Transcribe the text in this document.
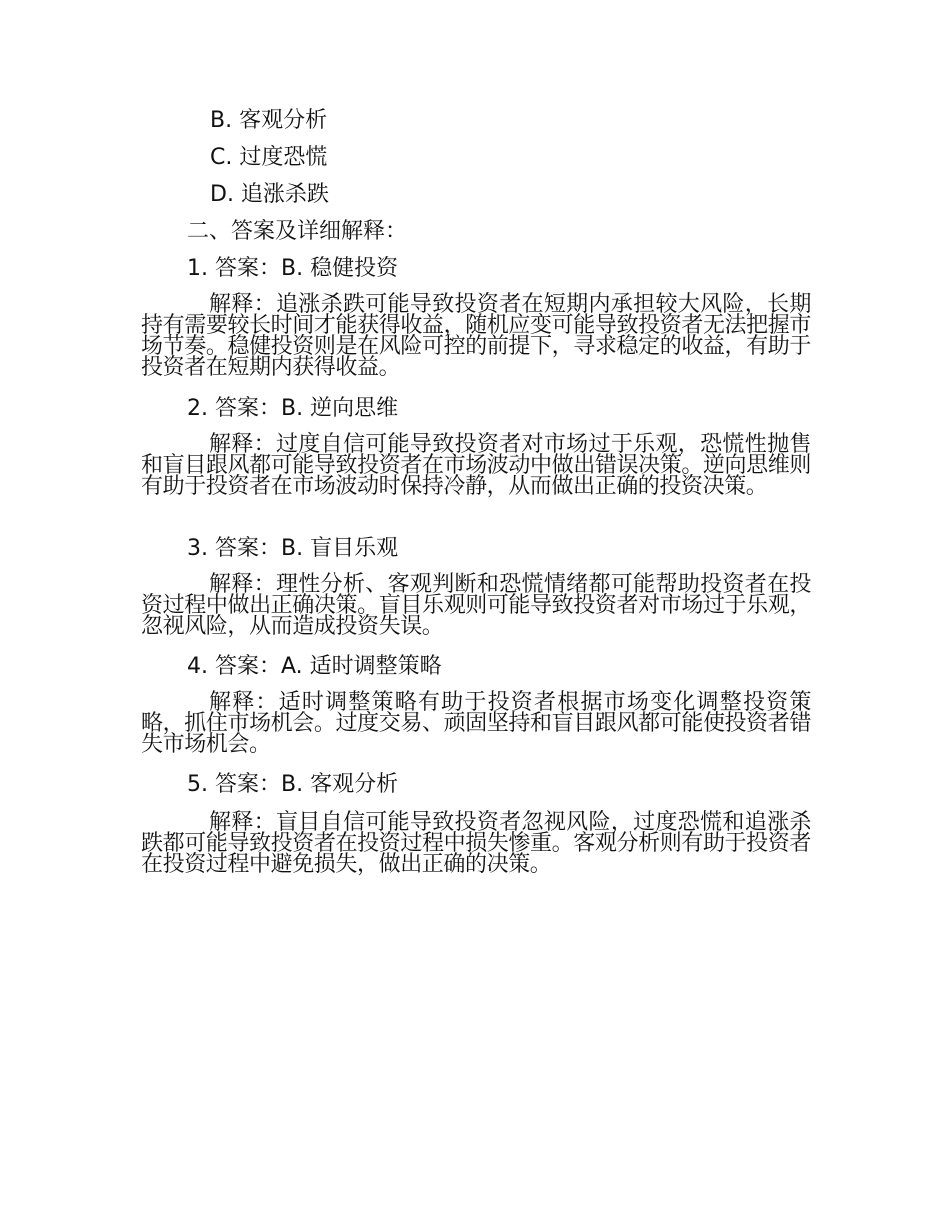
B. 客观分析
C. 过度恐慌
D. 追涨杀跌
二、答案及详细解释：
1. 答案：B. 稳健投资
解释：追涨杀跌可能导致投资者在短期内承担较大风险，长期持有需要较长时间才能获得收益，随机应变可能导致投资者无法把握市场节奏。稳健投资则是在风险可控的前提下，寻求稳定的收益，有助于投资者在短期内获得收益。
2. 答案：B. 逆向思维
解释：过度自信可能导致投资者对市场过于乐观，恐慌性抛售和盲目跟风都可能导致投资者在市场波动中做出错误决策。逆向思维则有助于投资者在市场波动时保持冷静，从而做出正确的投资决策。
3. 答案：B. 盲目乐观
解释：理性分析、客观判断和恐慌情绪都可能帮助投资者在投资过程中做出正确决策。盲目乐观则可能导致投资者对市场过于乐观，忽视风险，从而造成投资失误。
4. 答案：A. 适时调整策略
解释：适时调整策略有助于投资者根据市场变化调整投资策略，抓住市场机会。过度交易、顽固坚持和盲目跟风都可能使投资者错失市场机会。
5. 答案：B. 客观分析
解释：盲目自信可能导致投资者忽视风险，过度恐慌和追涨杀跌都可能导致投资者在投资过程中损失惨重。客观分析则有助于投资者在投资过程中避免损失，做出正确的决策。
